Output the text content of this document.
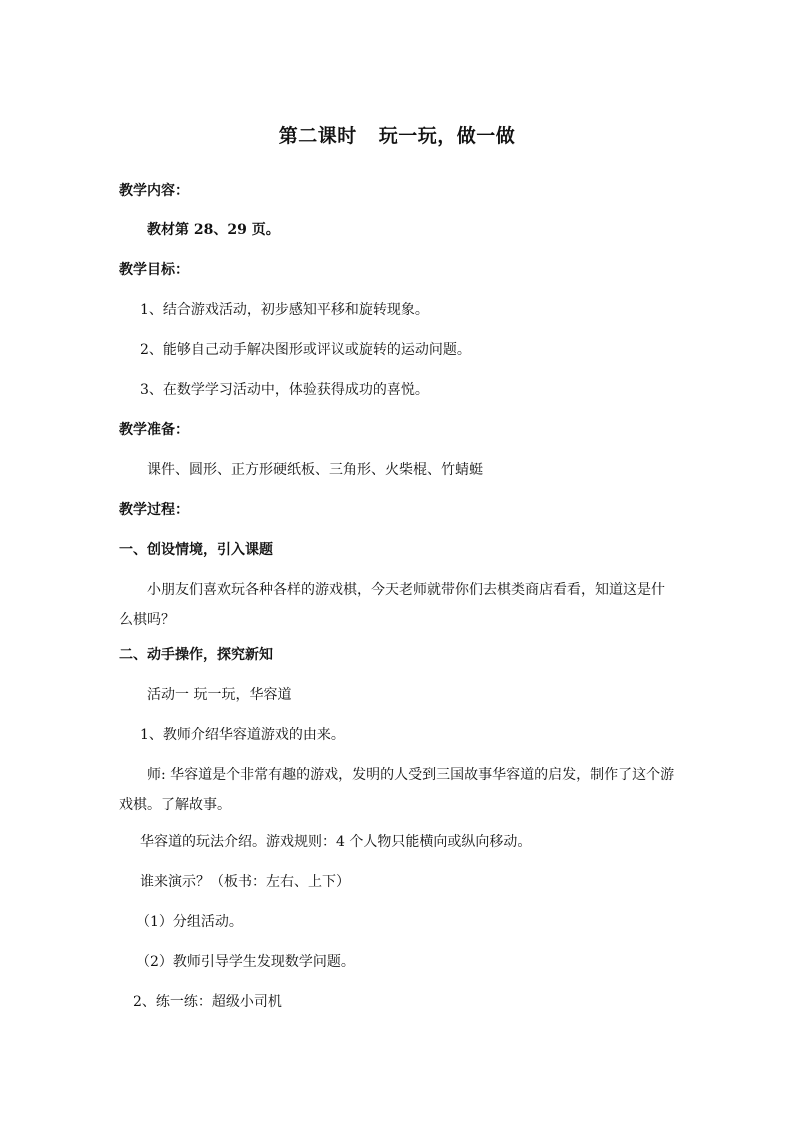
第二课时 玩一玩，做一做
教学内容：
教材第 28、29 页。
教学目标：
1、结合游戏活动，初步感知平移和旋转现象。
2、能够自己动手解决图形或评议或旋转的运动问题。
3、在数学学习活动中，体验获得成功的喜悦。
教学准备：
课件、圆形、正方形硬纸板、三角形、火柴棍、竹蜻蜓
教学过程：
一、创设情境，引入课题
小朋友们喜欢玩各种各样的游戏棋，今天老师就带你们去棋类商店看看，知道这是什么棋吗？
二、动手操作，探究新知
活动一 玩一玩，华容道
1、教师介绍华容道游戏的由来。
师: 华容道是个非常有趣的游戏，发明的人受到三国故事华容道的启发，制作了这个游戏棋。了解故事。
华容道的玩法介绍。游戏规则：4 个人物只能横向或纵向移动。
谁来演示？（板书：左右、上下）
（1）分组活动。
（2）教师引导学生发现数学问题。
2、练一练：超级小司机
